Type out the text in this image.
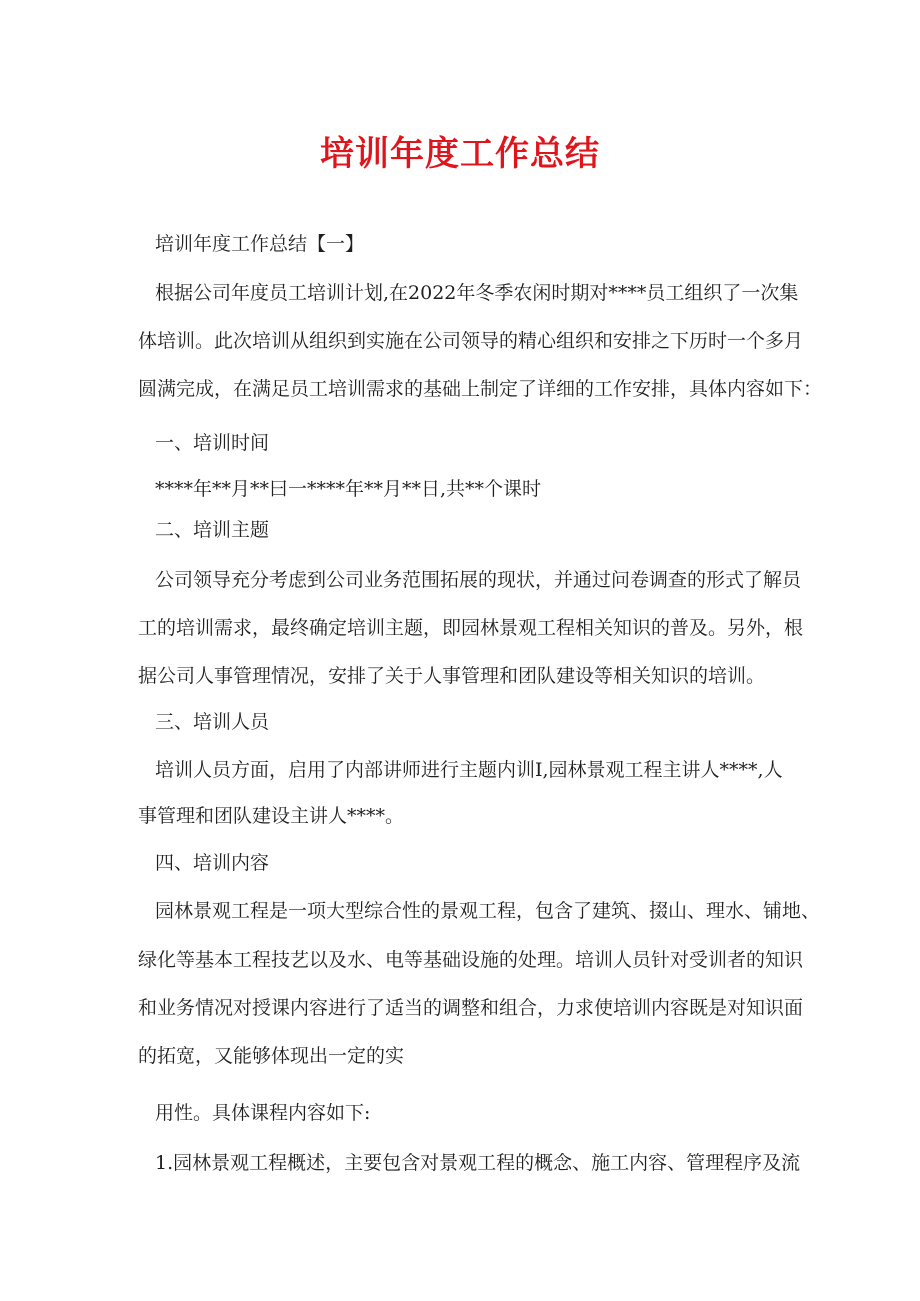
培训年度工作总结
培训年度工作总结【一】
根据公司年度员工培训计划,在2022年冬季农闲时期对****员工组织了一次集
体培训。此次培训从组织到实施在公司领导的精心组织和安排之下历时一个多月
圆满完成，在满足员工培训需求的基础上制定了详细的工作安排，具体内容如下：
一、培训时间
****年**月**曰一****年**月**日,共**个课时
二、培训主题
公司领导充分考虑到公司业务范围拓展的现状，并通过问卷调查的形式了解员
工的培训需求，最终确定培训主题，即园林景观工程相关知识的普及。另外，根
据公司人事管理情况，安排了关于人事管理和团队建设等相关知识的培训。
三、培训人员
培训人员方面，启用了内部讲师进行主题内训Ⅰ,园林景观工程主讲人****,人
事管理和团队建设主讲人****。
四、培训内容
园林景观工程是一项大型综合性的景观工程，包含了建筑、掇山、理水、铺地、
绿化等基本工程技艺以及水、电等基础设施的处理。培训人员针对受训者的知识
和业务情况对授课内容进行了适当的调整和组合，力求使培训内容既是对知识面
的拓宽，又能够体现出一定的实
用性。具体课程内容如下:
1.园林景观工程概述，主要包含对景观工程的概念、施工内容、管理程序及流
